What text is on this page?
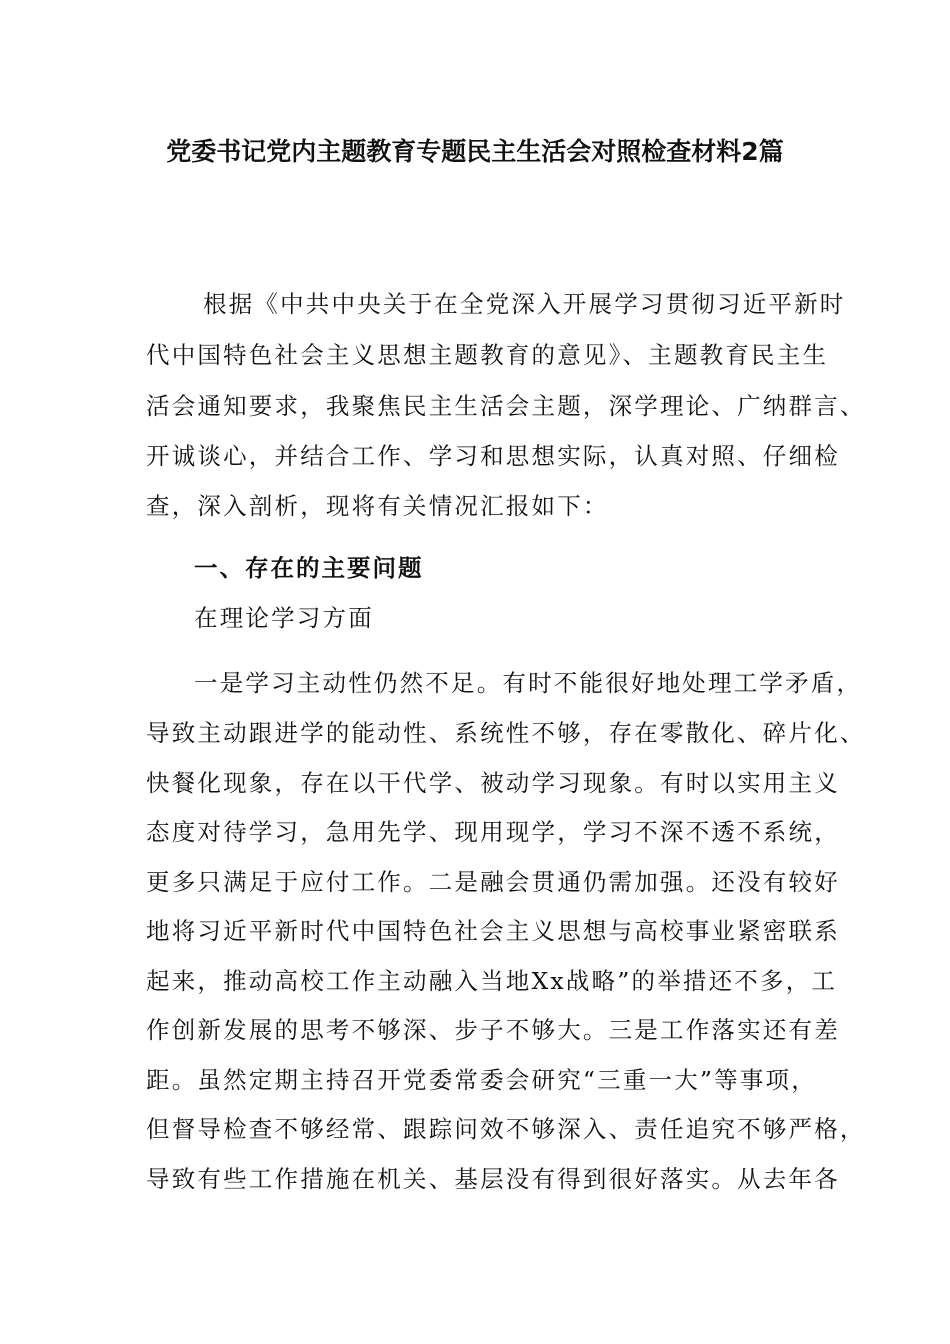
党委书记党内主题教育专题民主生活会对照检查材料2篇
根据《中共中央关于在全党深入开展学习贯彻习近平新时
代中国特色社会主义思想主题教育的意见》、主题教育民主生
活会通知要求，我聚焦民主生活会主题，深学理论、广纳群言、
开诚谈心，并结合工作、学习和思想实际，认真对照、仔细检
查，深入剖析，现将有关情况汇报如下：
一、存在的主要问题
在理论学习方面
一是学习主动性仍然不足。有时不能很好地处理工学矛盾，
导致主动跟进学的能动性、系统性不够，存在零散化、碎片化、
快餐化现象，存在以干代学、被动学习现象。有时以实用主义
态度对待学习，急用先学、现用现学，学习不深不透不系统，
更多只满足于应付工作。二是融会贯通仍需加强。还没有较好
地将习近平新时代中国特色社会主义思想与高校事业紧密联系
起来，推动高校工作主动融入当地Xx战略”的举措还不多，工
作创新发展的思考不够深、步子不够大。三是工作落实还有差
距。虽然定期主持召开党委常委会研究“三重一大”等事项，
但督导检查不够经常、跟踪问效不够深入、责任追究不够严格，
导致有些工作措施在机关、基层没有得到很好落实。从去年各
